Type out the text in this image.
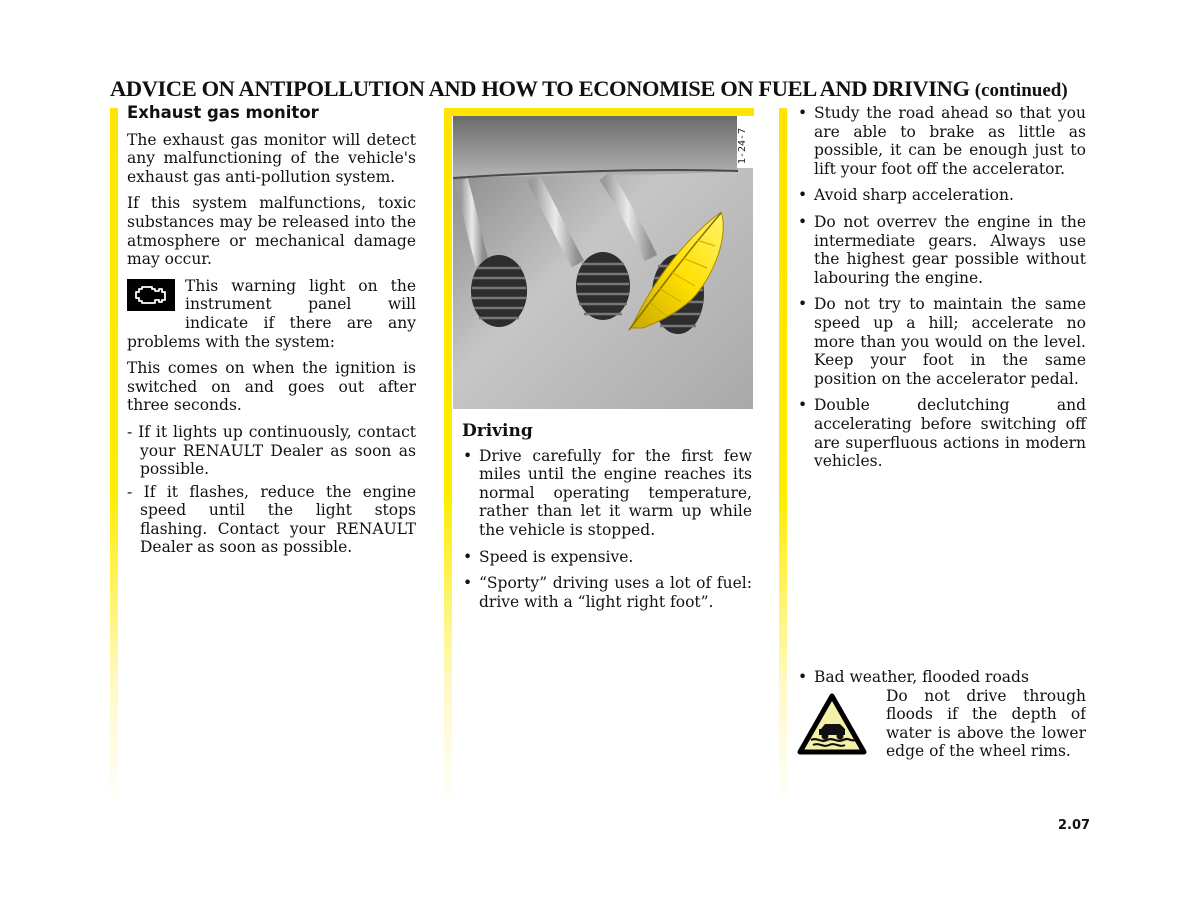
ADVICE ON ANTIPOLLUTION AND HOW TO ECONOMISE ON FUEL AND DRIVING (continued)
Exhaust gas monitor

The exhaust gas monitor will detect any malfunctioning of the vehicle's exhaust gas anti-pollution system.

If this system malfunctions, toxic substances may be released into the atmosphere or mechanical damage may occur.

This warning light on the instrument panel will indicate if there are any problems with the system:

This comes on when the ignition is switched on and goes out after three seconds.

- If it lights up continuously, contact your RENAULT Dealer as soon as possible.
- If it flashes, reduce the engine speed until the light stops flashing. Contact your RENAULT Dealer as soon as possible.
1-24-7
Driving
• Drive carefully for the first few miles until the engine reaches its normal operating temperature, rather than let it warm up while the vehicle is stopped.
• Speed is expensive.
• “Sporty” driving uses a lot of fuel: drive with a “light right foot”.
• Study the road ahead so that you are able to brake as little as possible, it can be enough just to lift your foot off the accelerator.
• Avoid sharp acceleration.
• Do not overrev the engine in the intermediate gears. Always use the highest gear possible without labouring the engine.
• Do not try to maintain the same speed up a hill; accelerate no more than you would on the level. Keep your foot in the same position on the accelerator pedal.
• Double declutching and accelerating before switching off are superfluous actions in modern vehicles.
• Bad weather, flooded roads
Do not drive through floods if the depth of water is above the lower edge of the wheel rims.
2.07
